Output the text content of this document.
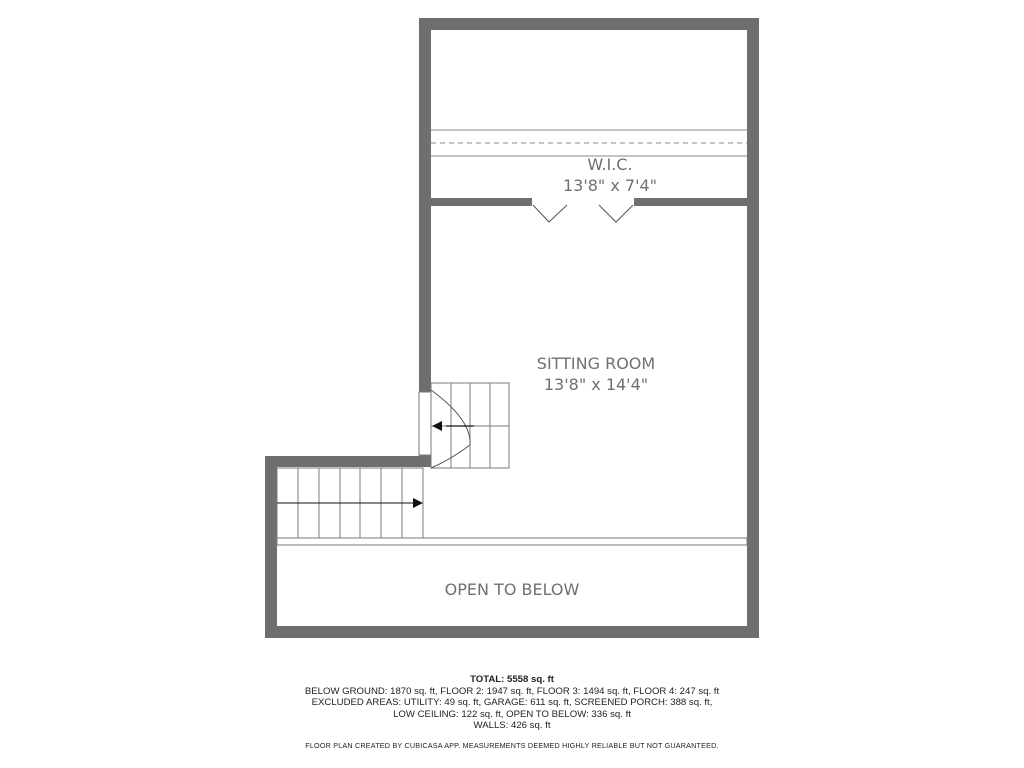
W.I.C.
13'8" x 7'4"
SITTING ROOM
13'8" x 14'4"
OPEN TO BELOW
TOTAL: 5558 sq. ft
BELOW GROUND: 1870 sq. ft, FLOOR 2: 1947 sq. ft, FLOOR 3: 1494 sq. ft, FLOOR 4: 247 sq. ft
EXCLUDED AREAS: UTILITY: 49 sq. ft, GARAGE: 611 sq. ft, SCREENED PORCH: 388 sq. ft,
LOW CEILING: 122 sq. ft, OPEN TO BELOW: 336 sq. ft
WALLS: 426 sq. ft
FLOOR PLAN CREATED BY CUBICASA APP. MEASUREMENTS DEEMED HIGHLY RELIABLE BUT NOT GUARANTEED.
